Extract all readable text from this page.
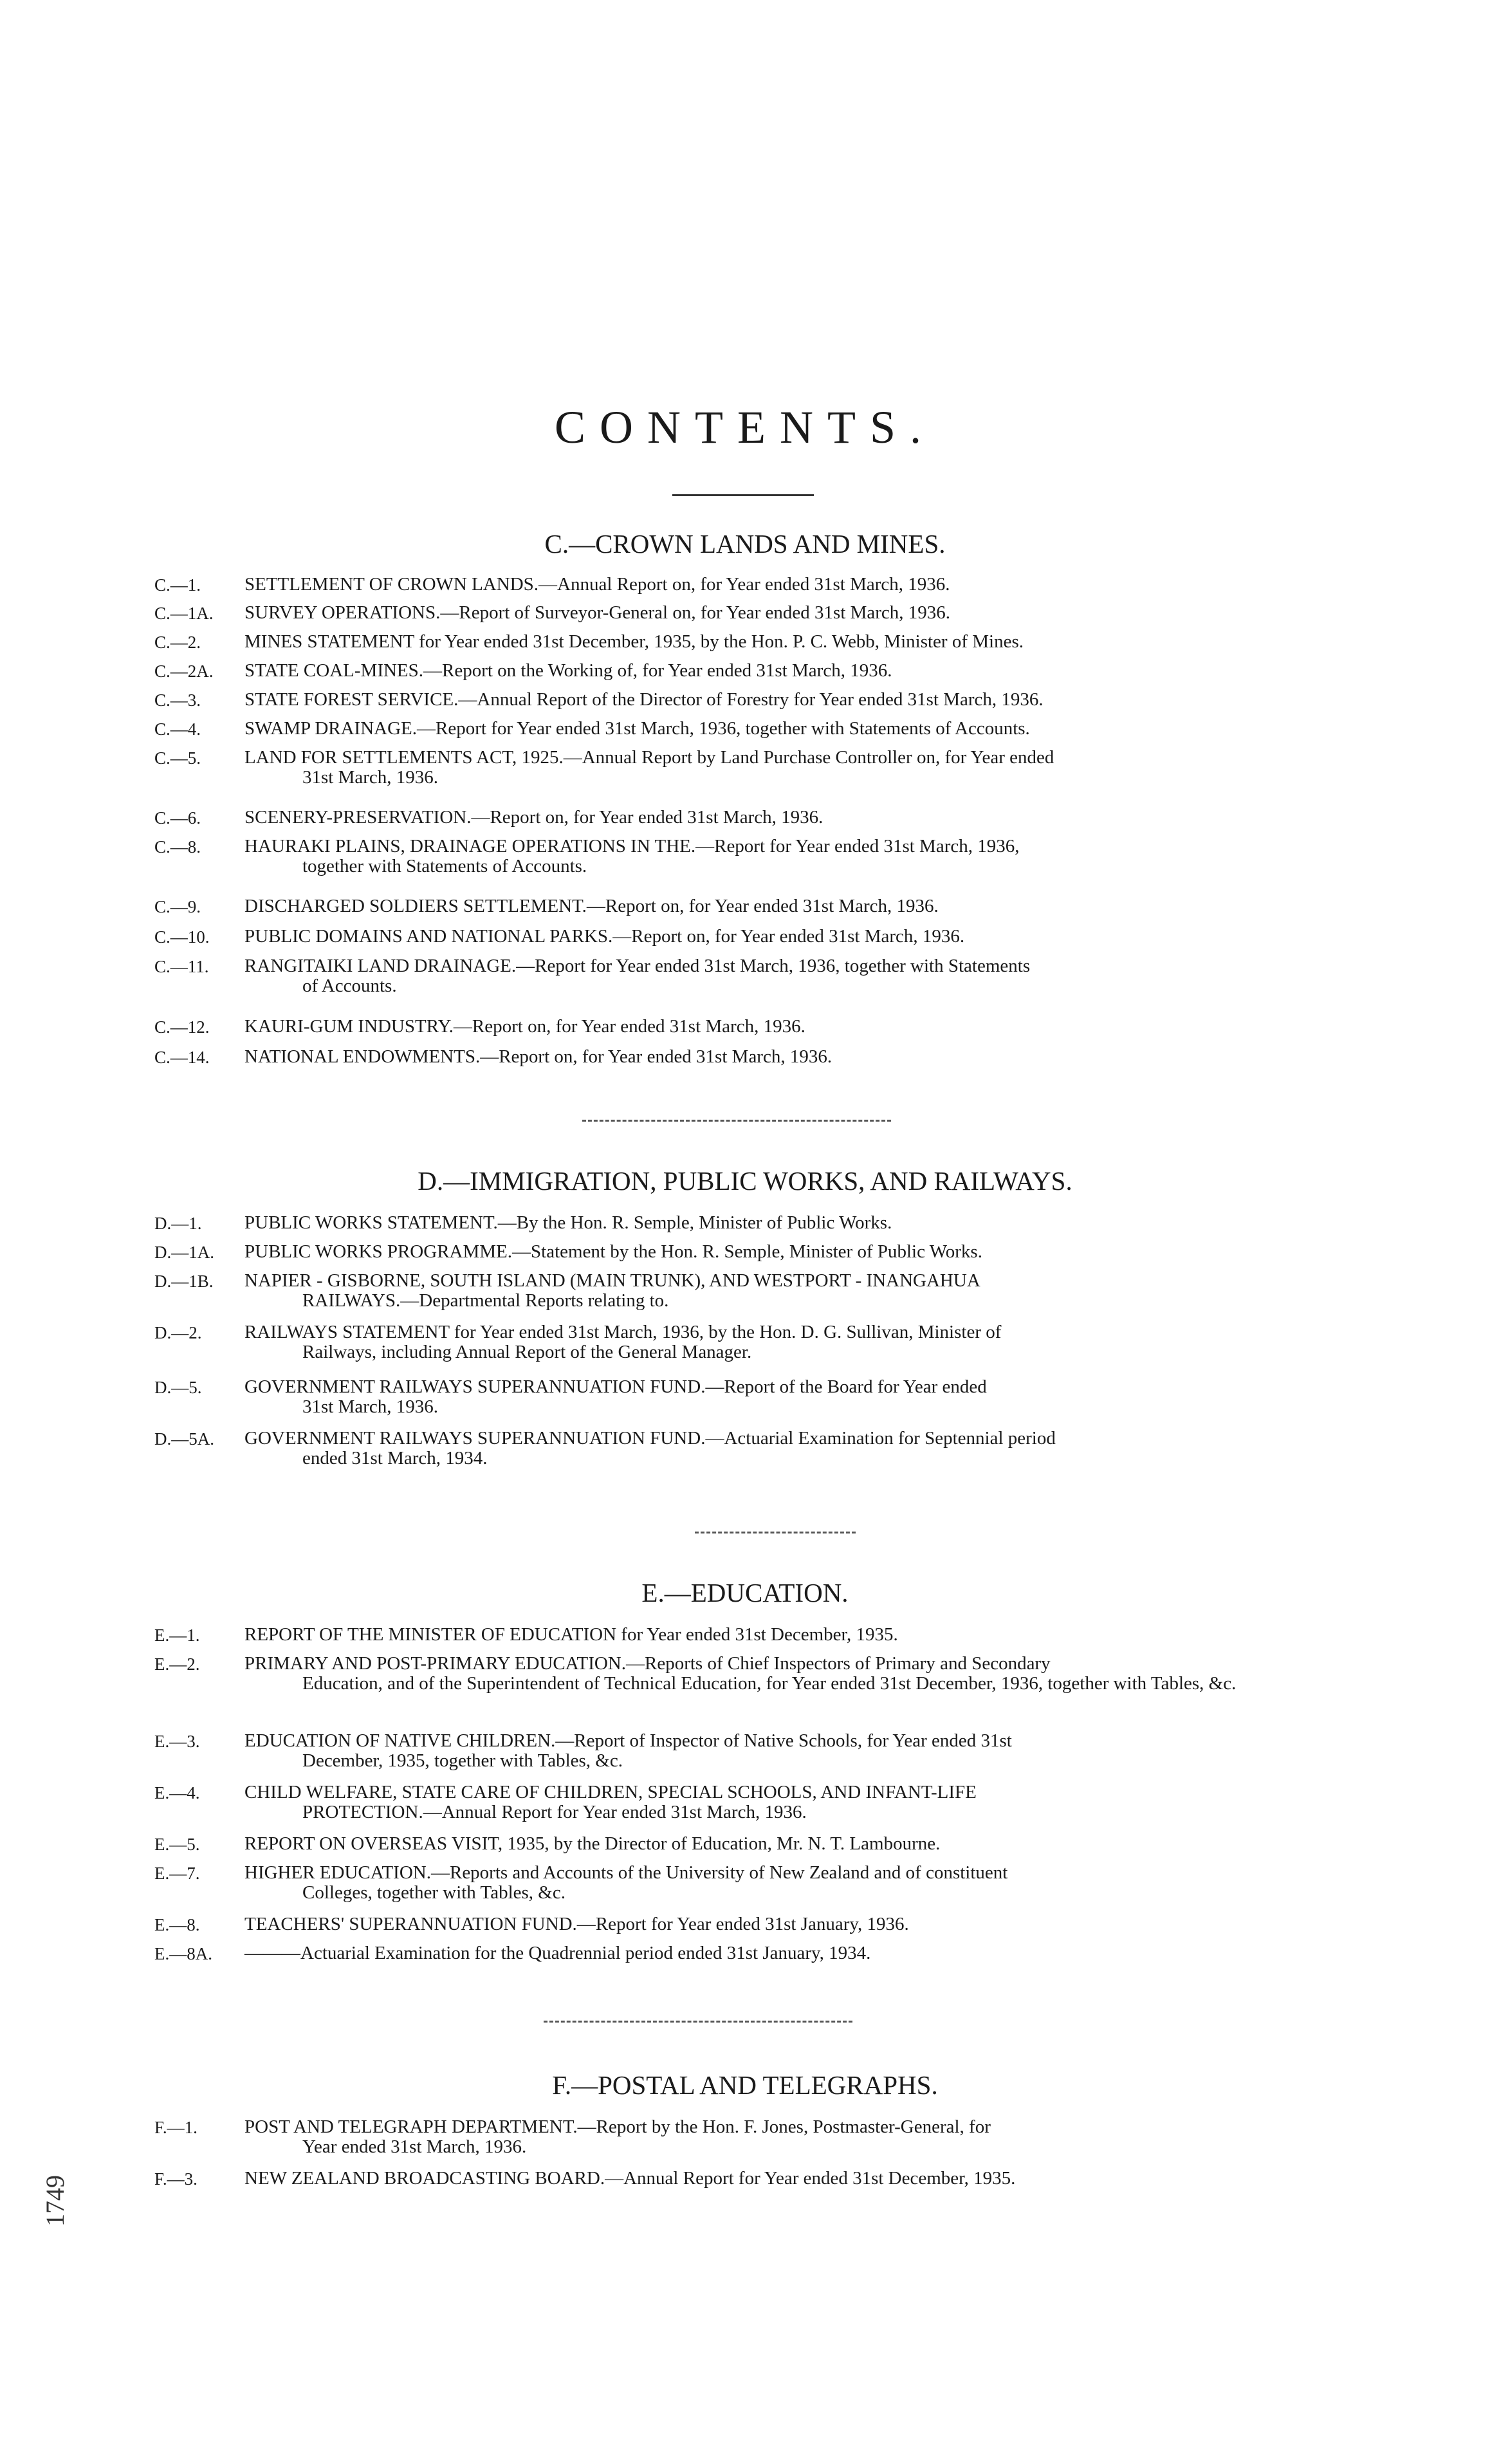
CONTENTS.
C.—CROWN LANDS AND MINES.
C.—1. SETTLEMENT OF CROWN LANDS.—Annual Report on, for Year ended 31st March, 1936.
C.—1A. SURVEY OPERATIONS.—Report of Surveyor-General on, for Year ended 31st March, 1936.
C.—2. MINES STATEMENT for Year ended 31st December, 1935, by the Hon. P. C. Webb, Minister of Mines.
C.—2A. STATE COAL-MINES.—Report on the Working of, for Year ended 31st March, 1936.
C.—3. STATE FOREST SERVICE.—Annual Report of the Director of Forestry for Year ended 31st March, 1936.
C.—4. SWAMP DRAINAGE.—Report for Year ended 31st March, 1936, together with Statements of Accounts.
C.—5. LAND FOR SETTLEMENTS ACT, 1925.—Annual Report by Land Purchase Controller on, for Year ended
31st March, 1936.
C.—6. SCENERY-PRESERVATION.—Report on, for Year ended 31st March, 1936.
C.—8. HAURAKI PLAINS, DRAINAGE OPERATIONS IN THE.—Report for Year ended 31st March, 1936,
together with Statements of Accounts.
C.—9. DISCHARGED SOLDIERS SETTLEMENT.—Report on, for Year ended 31st March, 1936.
C.—10. PUBLIC DOMAINS AND NATIONAL PARKS.—Report on, for Year ended 31st March, 1936.
C.—11. RANGITAIKI LAND DRAINAGE.—Report for Year ended 31st March, 1936, together with Statements
of Accounts.
C.—12. KAURI-GUM INDUSTRY.—Report on, for Year ended 31st March, 1936.
C.—14. NATIONAL ENDOWMENTS.—Report on, for Year ended 31st March, 1936.
D.—IMMIGRATION, PUBLIC WORKS, AND RAILWAYS.
D.—1. PUBLIC WORKS STATEMENT.—By the Hon. R. Semple, Minister of Public Works.
D.—1A. PUBLIC WORKS PROGRAMME.—Statement by the Hon. R. Semple, Minister of Public Works.
D.—1B. NAPIER - GISBORNE, SOUTH ISLAND (MAIN TRUNK), AND WESTPORT - INANGAHUA
RAILWAYS.—Departmental Reports relating to.
D.—2. RAILWAYS STATEMENT for Year ended 31st March, 1936, by the Hon. D. G. Sullivan, Minister of
Railways, including Annual Report of the General Manager.
D.—5. GOVERNMENT RAILWAYS SUPERANNUATION FUND.—Report of the Board for Year ended
31st March, 1936.
D.—5A. GOVERNMENT RAILWAYS SUPERANNUATION FUND.—Actuarial Examination for Septennial period
ended 31st March, 1934.
E.—EDUCATION.
E.—1. REPORT OF THE MINISTER OF EDUCATION for Year ended 31st December, 1935.
E.—2. PRIMARY AND POST-PRIMARY EDUCATION.—Reports of Chief Inspectors of Primary and Secondary
Education, and of the Superintendent of Technical Education, for Year ended 31st December, 1936, together with Tables, &c.
E.—3. EDUCATION OF NATIVE CHILDREN.—Report of Inspector of Native Schools, for Year ended 31st
December, 1935, together with Tables, &c.
E.—4. CHILD WELFARE, STATE CARE OF CHILDREN, SPECIAL SCHOOLS, AND INFANT-LIFE
PROTECTION.—Annual Report for Year ended 31st March, 1936.
E.—5. REPORT ON OVERSEAS VISIT, 1935, by the Director of Education, Mr. N. T. Lambourne.
E.—7. HIGHER EDUCATION.—Reports and Accounts of the University of New Zealand and of constituent
Colleges, together with Tables, &c.
E.—8. TEACHERS' SUPERANNUATION FUND.—Report for Year ended 31st January, 1936.
E.—8A. ———Actuarial Examination for the Quadrennial period ended 31st January, 1934.
F.—POSTAL AND TELEGRAPHS.
F.—1.	POST AND TELEGRAPH DEPARTMENT.—Report by the Hon. F. Jones, Postmaster-General, for
Year ended 31st March, 1936.
F.—3.	NEW ZEALAND BROADCASTING BOARD.—Annual Report for Year ended 31st December, 1935.
1749
